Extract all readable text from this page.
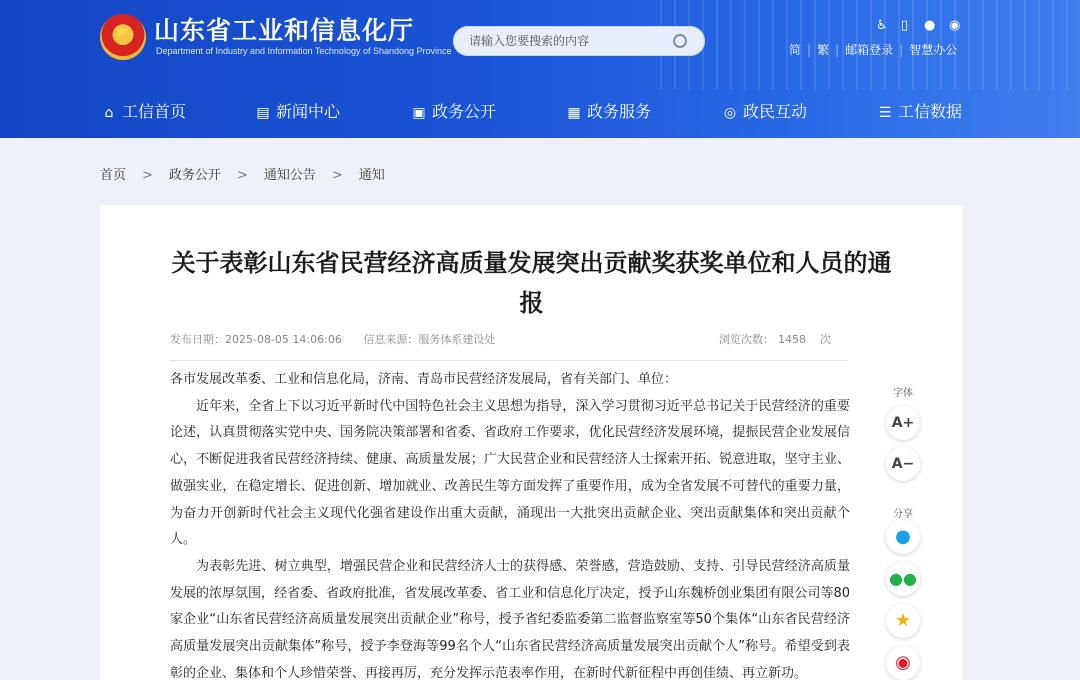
★ 山东省工业和信息化厅
Department of Industry and Information Technology of Shandong Province
请输入您要搜索的内容
♿ ▯ ● ◉
简 | 繁 | 邮箱登录 | 智慧办公
⌂ 工信首页	▤ 新闻中心	▣ 政务公开	▦ 政务服务	◎ 政民互动	☰ 工信数据
首页 > 政务公开 > 通知公告 > 通知
关于表彰山东省民营经济高质量发展突出贡献奖获奖单位和人员的通报
发布日期：2025-08-05 14:06:06 信息来源：服务体系建设处	浏览次数： 1458 次

各市发展改革委、工业和信息化局，济南、青岛市民营经济发展局，省有关部门、单位：

近年来，全省上下以习近平新时代中国特色社会主义思想为指导，深入学习贯彻习近平总书记关于民营经济的重要论述，认真贯彻落实党中央、国务院决策部署和省委、省政府工作要求，优化民营经济发展环境，提振民营企业发展信心，不断促进我省民营经济持续、健康、高质量发展；广大民营企业和民营经济人士探索开拓、锐意进取，坚守主业、做强实业，在稳定增长、促进创新、增加就业、改善民生等方面发挥了重要作用，成为全省发展不可替代的重要力量，为奋力开创新时代社会主义现代化强省建设作出重大贡献，涌现出一大批突出贡献企业、突出贡献集体和突出贡献个人。

为表彰先进、树立典型，增强民营企业和民营经济人士的获得感、荣誉感，营造鼓励、支持、引导民营经济高质量发展的浓厚氛围，经省委、省政府批准，省发展改革委、省工业和信息化厅决定，授予山东魏桥创业集团有限公司等80家企业“山东省民营经济高质量发展突出贡献企业”称号，授予省纪委监委第二监督监察室等50个集体“山东省民营经济高质量发展突出贡献集体”称号，授予李登海等99名个人“山东省民营经济高质量发展突出贡献个人”称号。希望受到表彰的企业、集体和个人珍惜荣誉、再接再厉，充分发挥示范表率作用，在新时代新征程中再创佳绩、再立新功。

字体
A+
A−
分享
●
●●
★
◉
